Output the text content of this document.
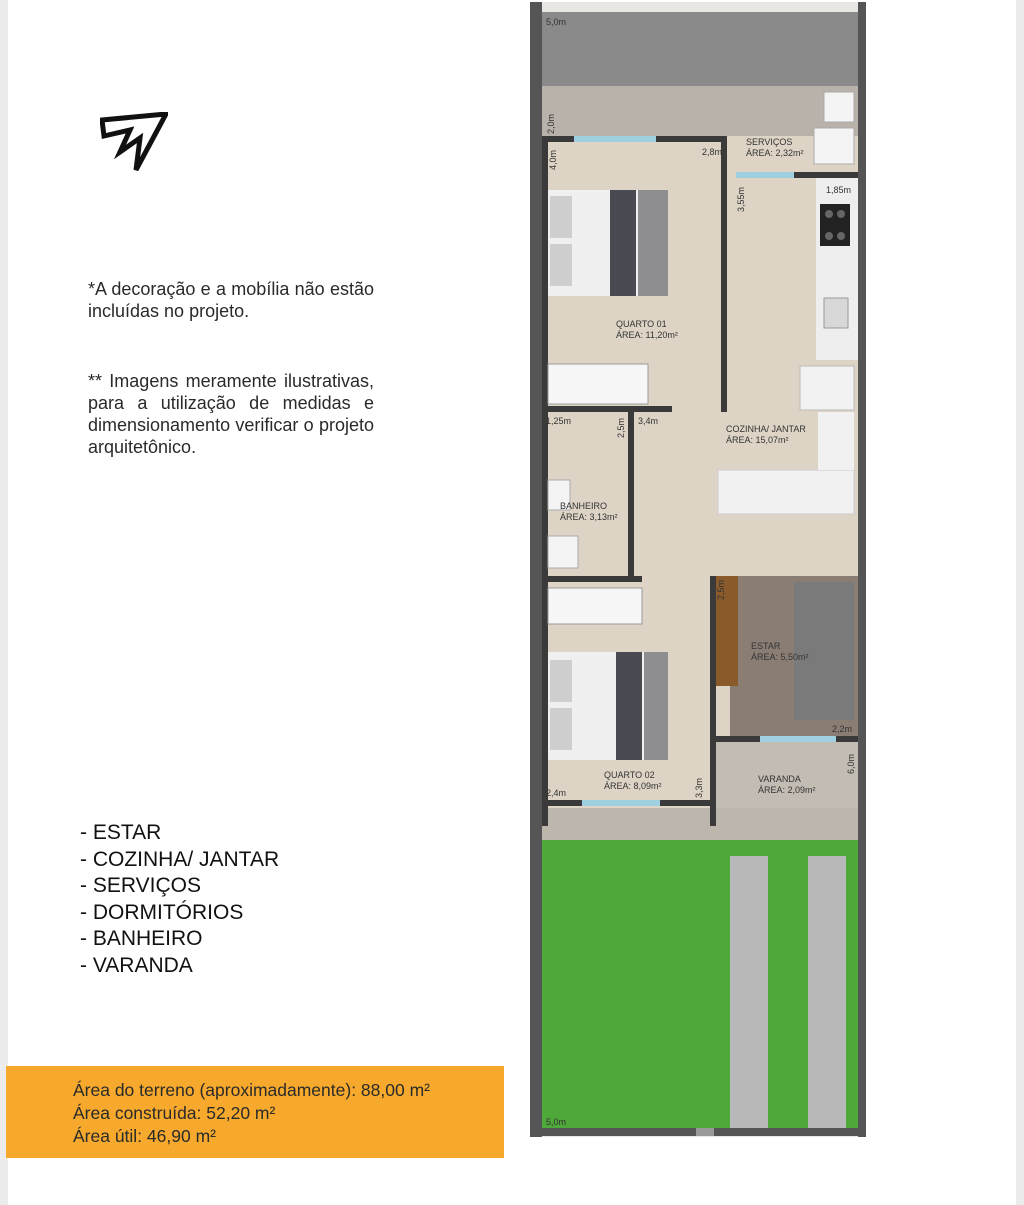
*A decoração e a mobília não estão incluídas no projeto.

** Imagens meramente ilustrativas, para a utilização de medidas e dimensionamento verificar o projeto arquitetônico.

- ESTAR
- COZINHA/ JANTAR
- SERVIÇOS
- DORMITÓRIOS
- BANHEIRO
- VARANDA

Área do terreno (aproximadamente): 88,00 m²

Área construída: 52,20 m²

Área útil: 46,90 m²

SERVIÇOS
ÁREA: 2,32m²
QUARTO 01
ÁREA: 11,20m²
COZINHA/ JANTAR
ÁREA: 15,07m²
BANHEIRO
ÁREA: 3,13m²
ESTAR
ÁREA: 5,50m²
QUARTO 02
ÁREA: 8,09m²
VARANDA
ÁREA: 2,09m²
5,0m
2,0m
4,0m	2,8m
3,55m	1,85m
1,25m	2,5m 3,4m
2,5m
2,2m
6,0m
2,4m	3,3m
5,0m
